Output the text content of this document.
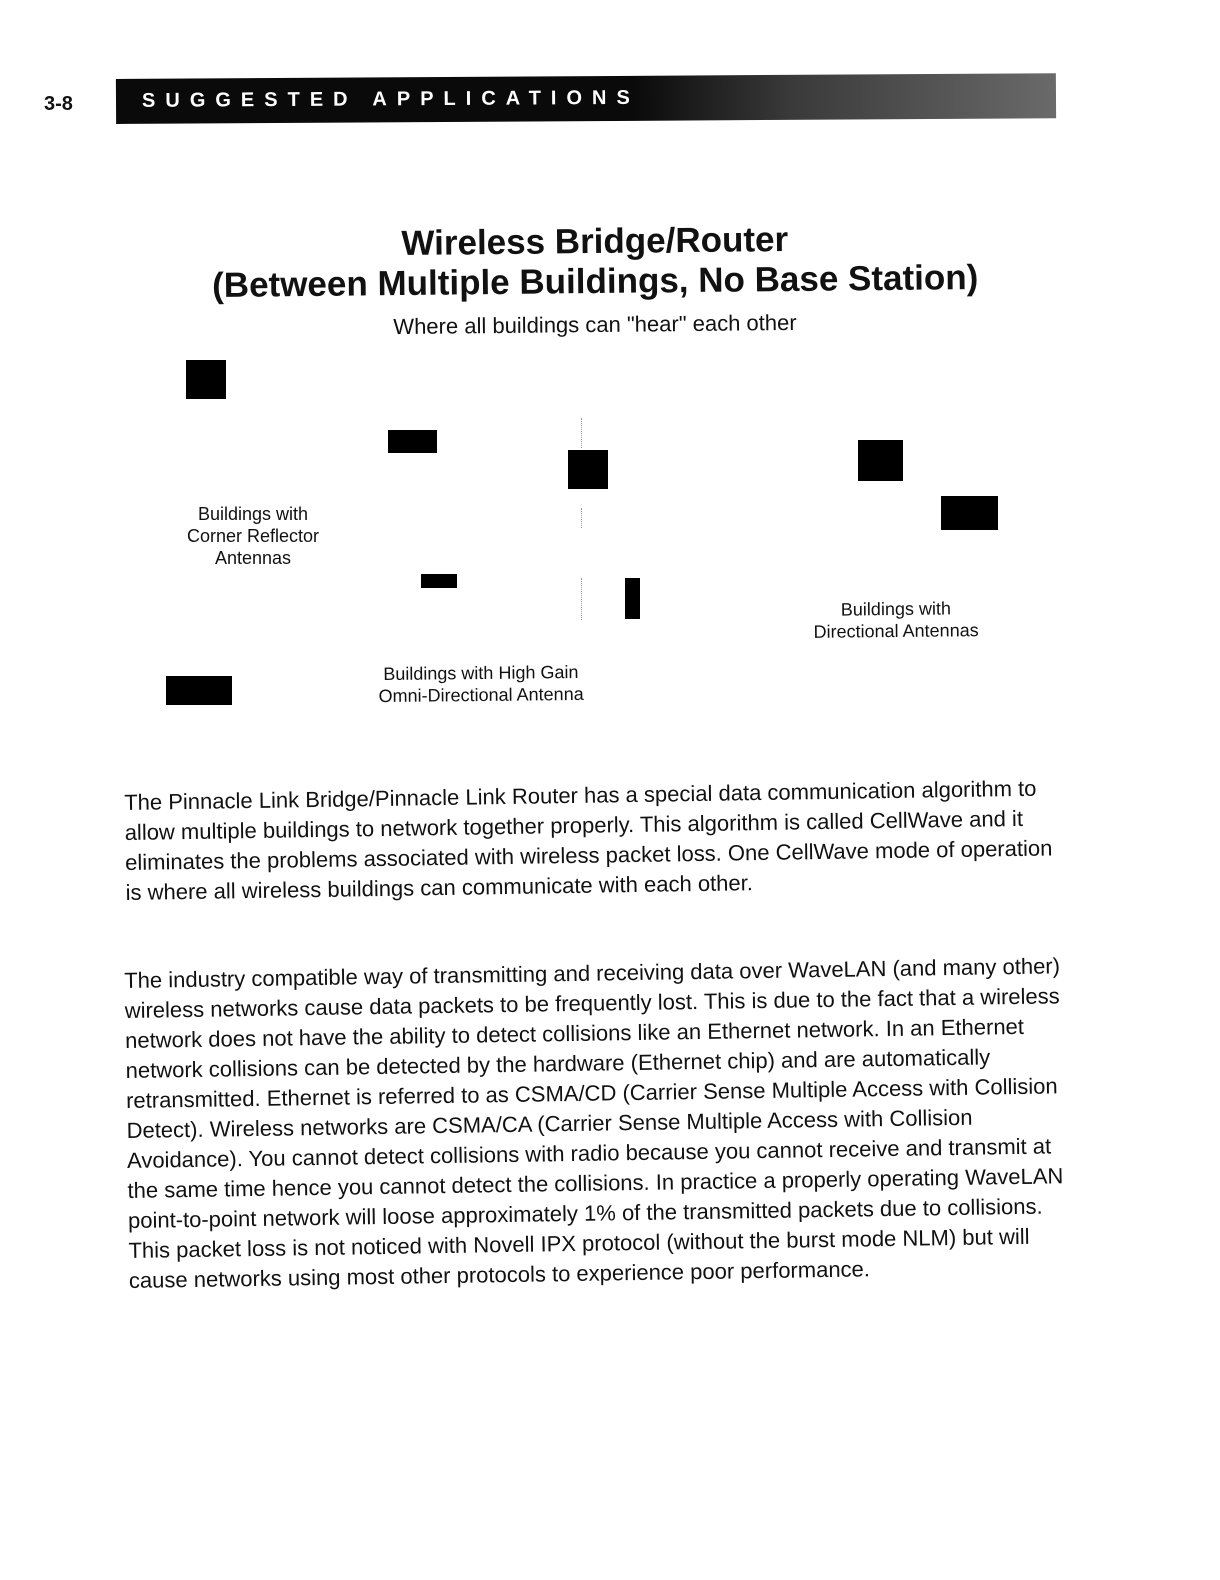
3-8	SUGGESTED APPLICATIONS
Wireless Bridge/Router
(Between Multiple Buildings, No Base Station)
Where all buildings can "hear" each other
Buildings with
Corner Reflector
Antennas
Buildings with High Gain
Omni-Directional Antenna
Buildings with
Directional Antennas

The Pinnacle Link Bridge/Pinnacle Link Router has a special data communication algorithm to allow multiple buildings to network together properly. This algorithm is called CellWave and it eliminates the problems associated with wireless packet loss. One CellWave mode of operation is where all wireless buildings can communicate with each other.

The industry compatible way of transmitting and receiving data over WaveLAN (and many other) wireless networks cause data packets to be frequently lost. This is due to the fact that a wireless network does not have the ability to detect collisions like an Ethernet network. In an Ethernet network collisions can be detected by the hardware (Ethernet chip) and are automatically retransmitted. Ethernet is referred to as CSMA/CD (Carrier Sense Multiple Access with Collision Detect). Wireless networks are CSMA/CA (Carrier Sense Multiple Access with Collision Avoidance). You cannot detect collisions with radio because you cannot receive and transmit at the same time hence you cannot detect the collisions. In practice a properly operating WaveLAN point-to-point network will loose approximately 1% of the transmitted packets due to collisions. This packet loss is not noticed with Novell IPX protocol (without the burst mode NLM) but will cause networks using most other protocols to experience poor performance.
